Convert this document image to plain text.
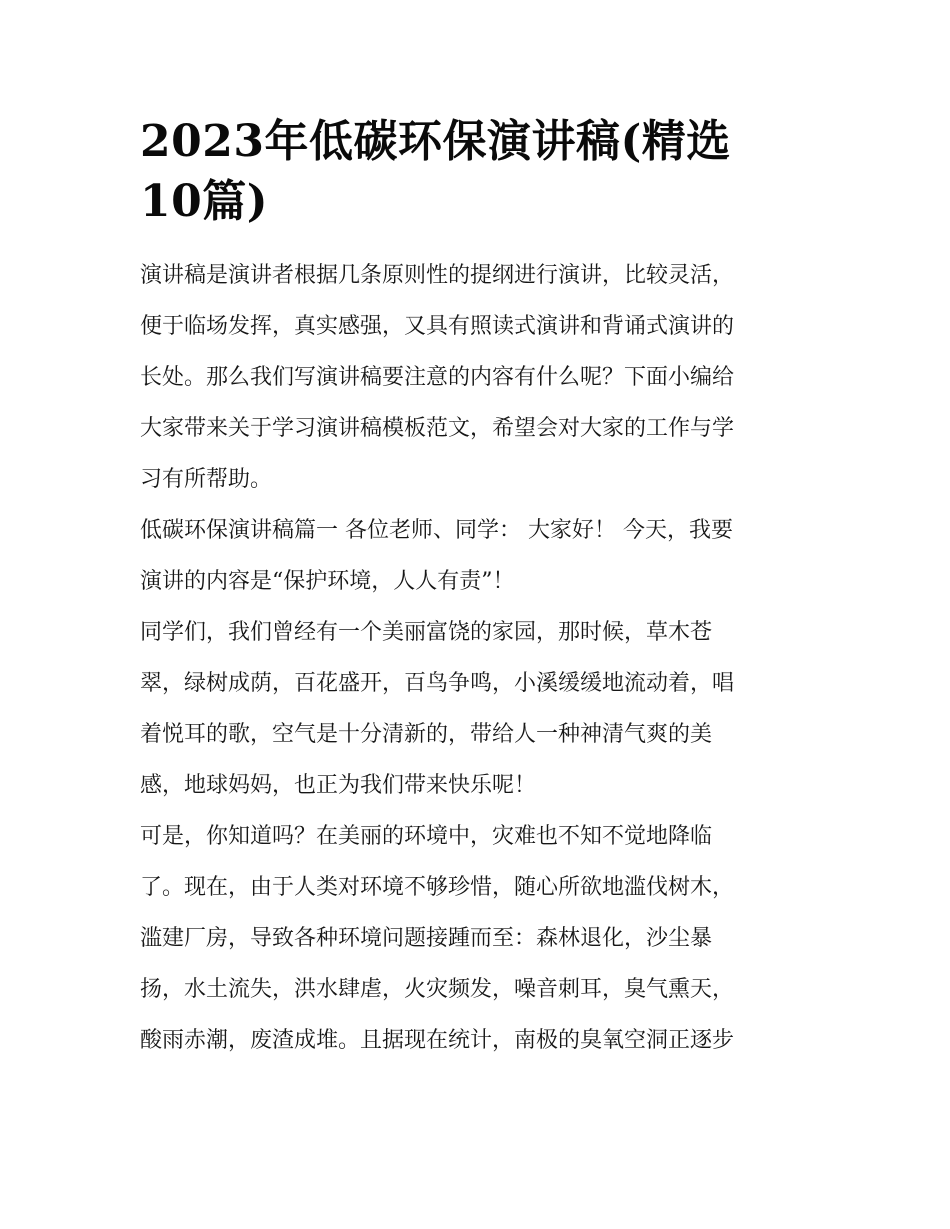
2023年低碳环保演讲稿(精选
10篇)

演讲稿是演讲者根据几条原则性的提纲进行演讲，比较灵活，
便于临场发挥，真实感强，又具有照读式演讲和背诵式演讲的
长处。那么我们写演讲稿要注意的内容有什么呢？下面小编给
大家带来关于学习演讲稿模板范文，希望会对大家的工作与学
习有所帮助。

低碳环保演讲稿篇一 各位老师、同学： 大家好！ 今天，我要
演讲的内容是“保护环境，人人有责”！

同学们，我们曾经有一个美丽富饶的家园，那时候，草木苍
翠，绿树成荫，百花盛开，百鸟争鸣，小溪缓缓地流动着，唱
着悦耳的歌，空气是十分清新的，带给人一种神清气爽的美
感，地球妈妈，也正为我们带来快乐呢！

可是，你知道吗？在美丽的环境中，灾难也不知不觉地降临
了。现在，由于人类对环境不够珍惜，随心所欲地滥伐树木，
滥建厂房，导致各种环境问题接踵而至：森林退化，沙尘暴
扬，水土流失，洪水肆虐，火灾频发，噪音刺耳，臭气熏天，
酸雨赤潮，废渣成堆。且据现在统计，南极的臭氧空洞正逐步
